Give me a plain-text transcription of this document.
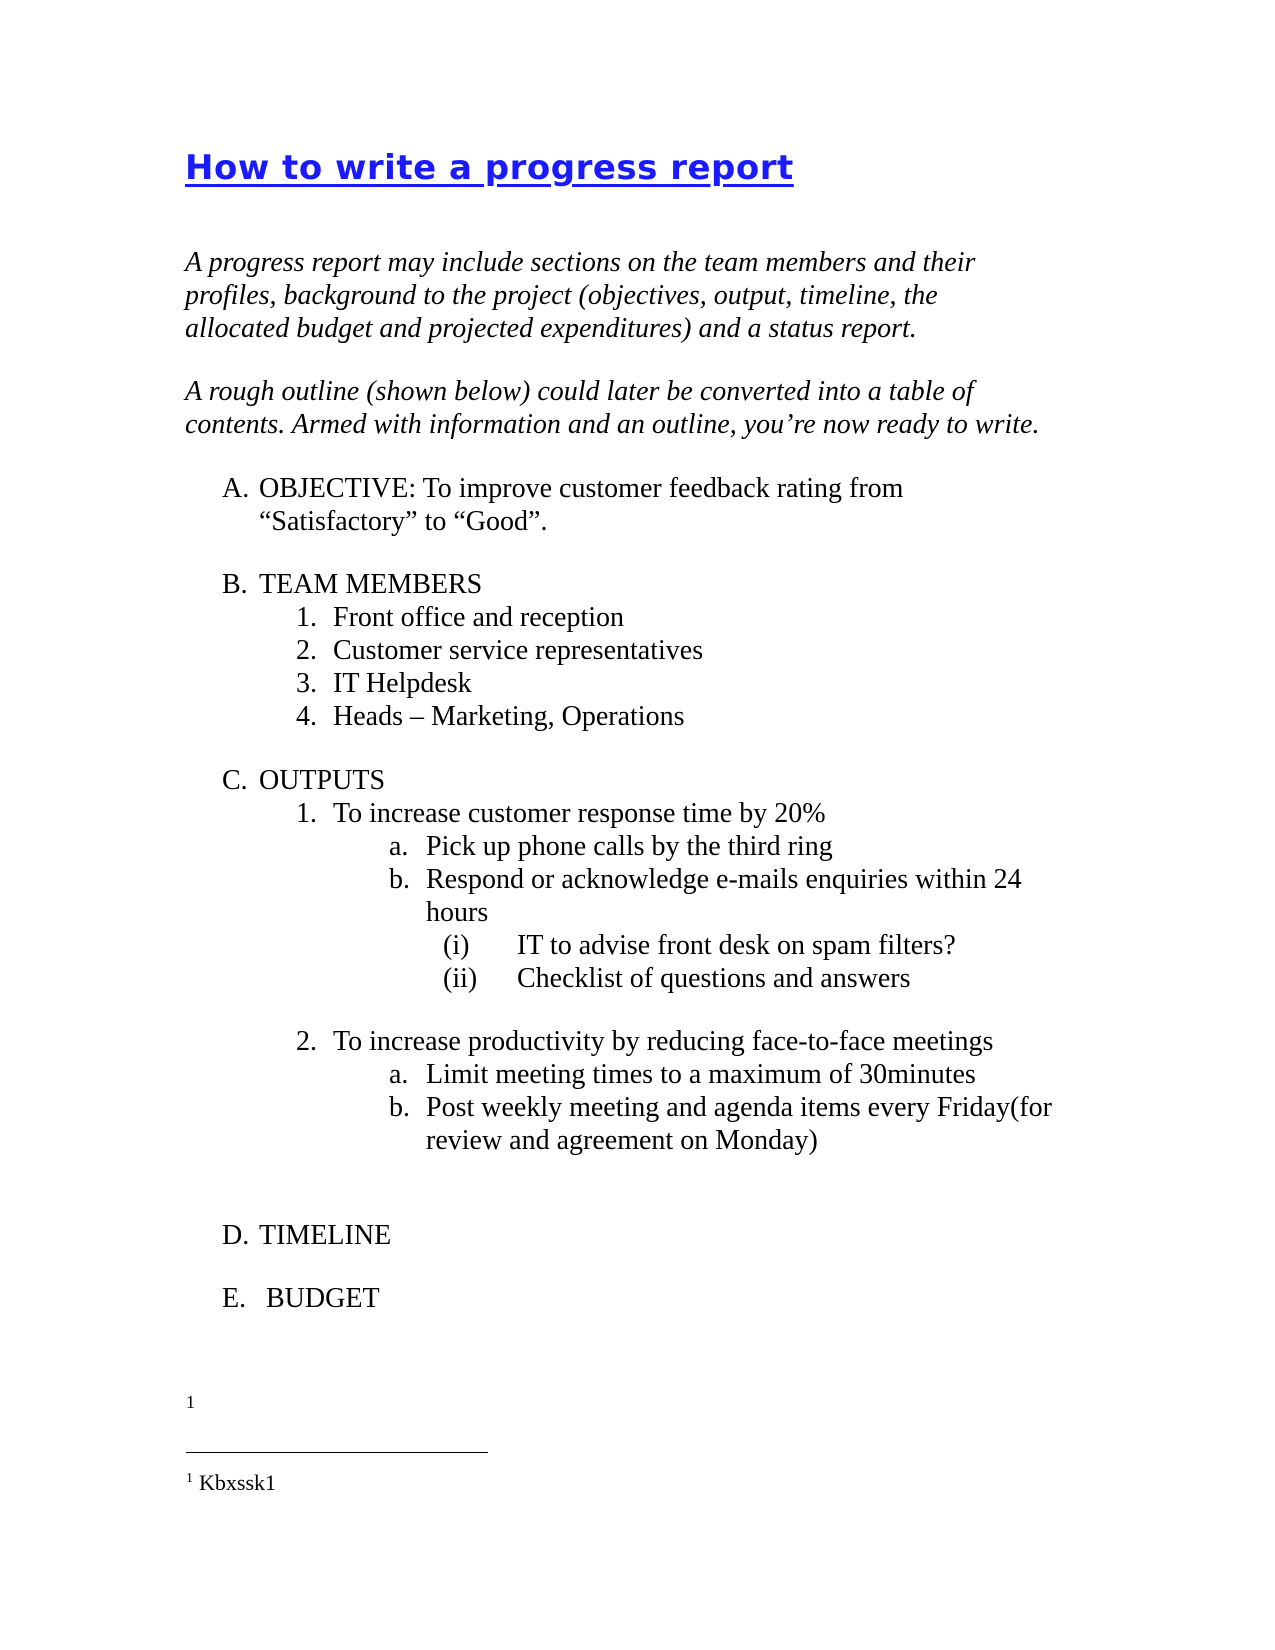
How to write a progress report
A progress report may include sections on the team members and their
profiles, background to the project (objectives, output, timeline, the
allocated budget and projected expenditures) and a status report.
A rough outline (shown below) could later be converted into a table of
contents. Armed with information and an outline, you’re now ready to write.
A. OBJECTIVE: To improve customer feedback rating from
“Satisfactory” to “Good”.
B. TEAM MEMBERS
1. Front office and reception
2. Customer service representatives
3. IT Helpdesk
4. Heads – Marketing, Operations
C. OUTPUTS
1. To increase customer response time by 20%
a. Pick up phone calls by the third ring
b. Respond or acknowledge e-mails enquiries within 24
hours
(i) IT to advise front desk on spam filters?
(ii) Checklist of questions and answers
2. To increase productivity by reducing face-to-face meetings
a. Limit meeting times to a maximum of 30minutes
b. Post weekly meeting and agenda items every Friday(for
review and agreement on Monday)
D. TIMELINE
E. BUDGET
1
$^1$ Kbxssk1
